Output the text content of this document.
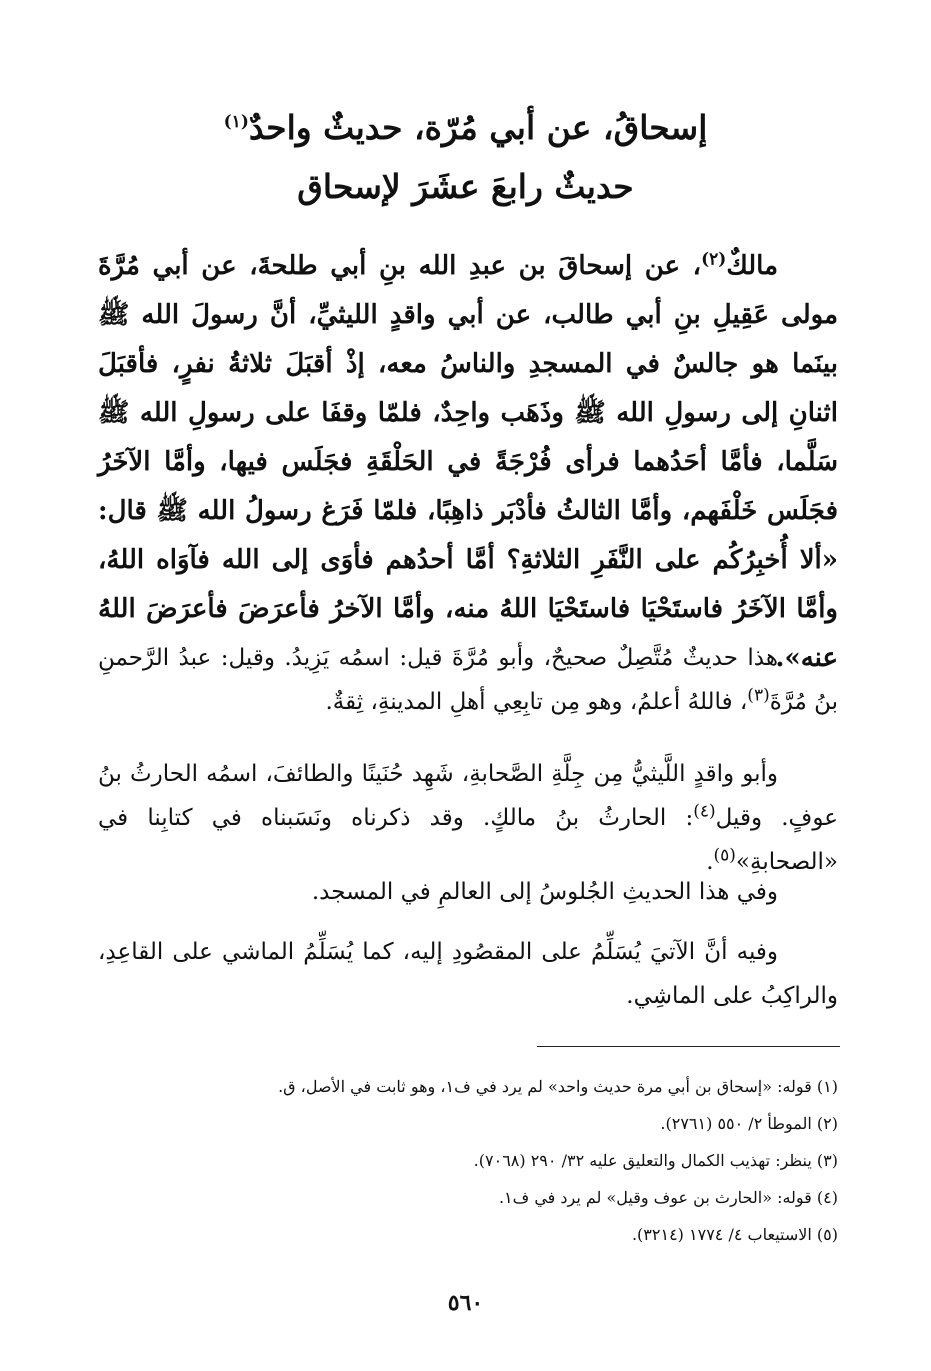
إسحاقُ، عن أبي مُرّة، حديثٌ واحدٌ$^{(١)}$
حديثٌ رابعَ عشَرَ لإسحاق
مالكٌ$^{(٢)}$، عن إسحاقَ بن عبدِ الله بنِ أبي طلحةَ، عن أبي مُرَّةَ مولى عَقِيلِ بنِ أبي طالب، عن أبي واقدٍ الليثيِّ، أنَّ رسولَ الله ﷺ بينَما هو جالسٌ في المسجدِ والناسُ معه، إذْ أقبَلَ ثلاثةُ نفرٍ، فأقبَلَ اثنانِ إلى رسولِ الله ﷺ وذَهَب واحِدٌ، فلمّا وقفَا على رسولِ الله ﷺ سَلَّما، فأمَّا أحَدُهما فرأى فُرْجَةً في الحَلْقَةِ فجَلَس فيها، وأمَّا الآخَرُ فجَلَس خَلْفَهم، وأمَّا الثالثُ فأدْبَر ذاهِبًا، فلمّا فَرَغ رسولُ الله ﷺ قال: «ألا أُخبِرُكُم على النَّفَرِ الثلاثةِ؟ أمَّا أحدُهم فأوَى إلى الله فآوَاه اللهُ، وأمَّا الآخَرُ فاستَحْيَا فاستَحْيَا اللهُ منه، وأمَّا الآخرُ فأعرَضَ فأعرَضَ اللهُ عنه».
هذا حديثٌ مُتَّصِلٌ صحيحٌ، وأبو مُرَّةَ قيل: اسمُه يَزِيدُ. وقيل: عبدُ الرَّحمنِ بنُ مُرَّةَ$^{(٣)}$، فاللهُ أعلمُ، وهو مِن تابِعِي أهلِ المدينةِ، ثِقةٌ.
وأبو واقدٍ اللَّيثيُّ مِن جِلَّةِ الصَّحابةِ، شَهِد حُنَينًا والطائفَ، اسمُه الحارثُ بنُ عوفٍ. وقيل$^{(٤)}$: الحارثُ بنُ مالكٍ. وقد ذكرناه ونَسَبناه في كتابِنا في «الصحابةِ»$^{(٥)}$.
وفي هذا الحديثِ الجُلوسُ إلى العالمِ في المسجد.
وفيه أنَّ الآتيَ يُسَلِّمُ على المقصُودِ إليه، كما يُسَلِّمُ الماشي على القاعِدِ، والراكِبُ على الماشِي.
(١) قوله: «إسحاق بن أبي مرة حديث واحد» لم يرد في ف١، وهو ثابت في الأصل، ق.
(٢) الموطأ ٢/ ٥٥٠ (٢٧٦١).
(٣) ينظر: تهذيب الكمال والتعليق عليه ٣٢/ ٢٩٠ (٧٠٦٨).
(٤) قوله: «الحارث بن عوف وقيل» لم يرد في ف١.
(٥) الاستيعاب ٤/ ١٧٧٤ (٣٢١٤).
٥٦٠
